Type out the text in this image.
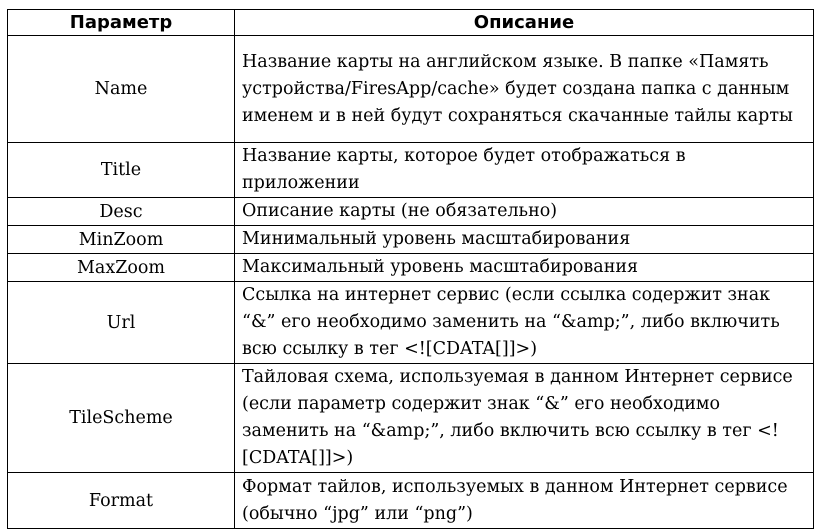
Параметр	Описание
Name	Название карты на английском языке. В папке «Память устройства/FiresApp/cache» будет создана папка с данным именем и в ней будут сохраняться скачанные тайлы карты
Title	Название карты, которое будет отображаться в приложении
Desc	Описание карты (не обязательно)
MinZoom	Минимальный уровень масштабирования
MaxZoom	Максимальный уровень масштабирования
Url	Ссылка на интернет сервис (если ссылка содержит знак “&” его необходимо заменить на “&amp;”, либо включить всю ссылку в тег <![CDATA[]]>)
TileScheme	Тайловая схема, используемая в данном Интернет сервисе (если параметр содержит знак “&” его необходимо заменить на “&amp;”, либо включить всю ссылку в тег <![CDATA[]]>)
Format	Формат тайлов, используемых в данном Интернет сервисе (обычно “jpg” или “png”)
